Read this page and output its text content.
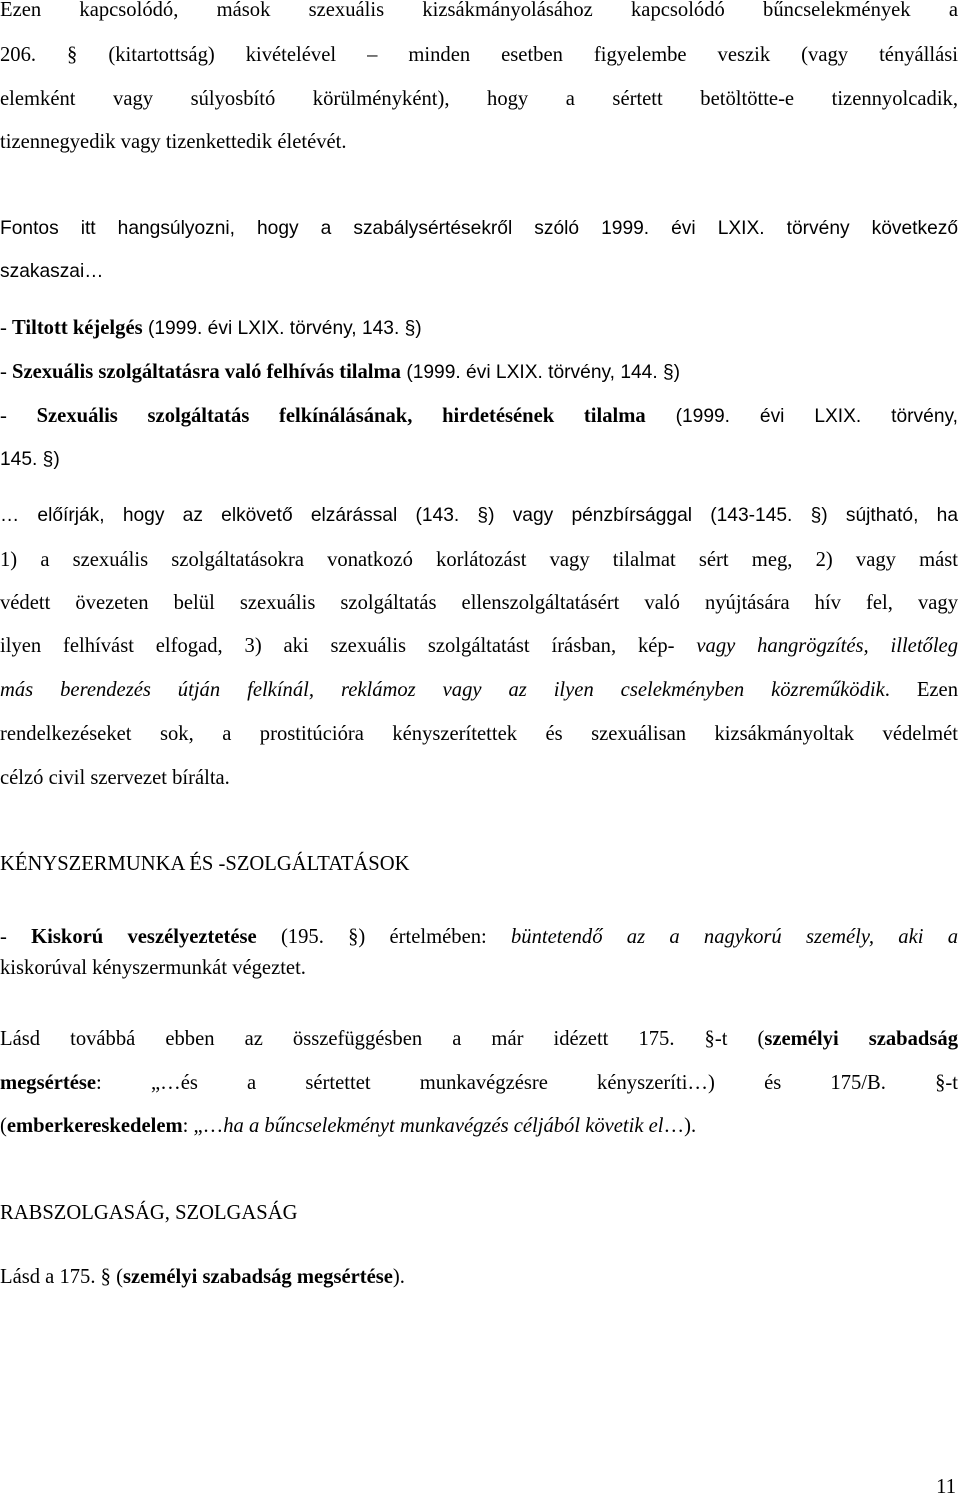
Ezen kapcsolódó, mások szexuális kizsákmányolásához kapcsolódó bűncselekmények a
206. § (kitartottság) kivételével – minden esetben figyelembe veszik (vagy tényállási
elemként vagy súlyosbító körülményként), hogy a sértett betöltötte-e tizennyolcadik,
tizennegyedik vagy tizenkettedik életévét.
Fontos itt hangsúlyozni, hogy a szabálysértésekről szóló 1999. évi LXIX. törvény következő
szakaszai…
- Tiltott kéjelgés (1999. évi LXIX. törvény, 143. §)
- Szexuális szolgáltatásra való felhívás tilalma (1999. évi LXIX. törvény, 144. §)
- Szexuális szolgáltatás felkínálásának, hirdetésének tilalma (1999. évi LXIX. törvény,
145. §)
… előírják, hogy az elkövető elzárással (143. §) vagy pénzbírsággal (143-145. §) sújtható, ha
1) a szexuális szolgáltatásokra vonatkozó korlátozást vagy tilalmat sért meg, 2) vagy mást
védett övezeten belül szexuális szolgáltatás ellenszolgáltatásért való nyújtására hív fel, vagy
ilyen felhívást elfogad, 3) aki szexuális szolgáltatást írásban, kép- vagy hangrögzítés, illetőleg
más berendezés útján felkínál, reklámoz vagy az ilyen cselekményben közreműködik. Ezen
rendelkezéseket sok, a prostitúcióra kényszerítettek és szexuálisan kizsákmányoltak védelmét
célzó civil szervezet bírálta.
KÉNYSZERMUNKA ÉS -SZOLGÁLTATÁSOK
- Kiskorú veszélyeztetése (195. §) értelmében: büntetendő az a nagykorú személy, aki a
kiskorúval kényszermunkát végeztet.
Lásd továbbá ebben az összefüggésben a már idézett 175. §-t (személyi szabadság
megsértése: „…és a sértettet munkavégzésre kényszeríti…) és 175/B. §-t
(emberkereskedelem: „…ha a bűncselekményt munkavégzés céljából követik el…).
RABSZOLGASÁG, SZOLGASÁG
Lásd a 175. § (személyi szabadság megsértése).
11
